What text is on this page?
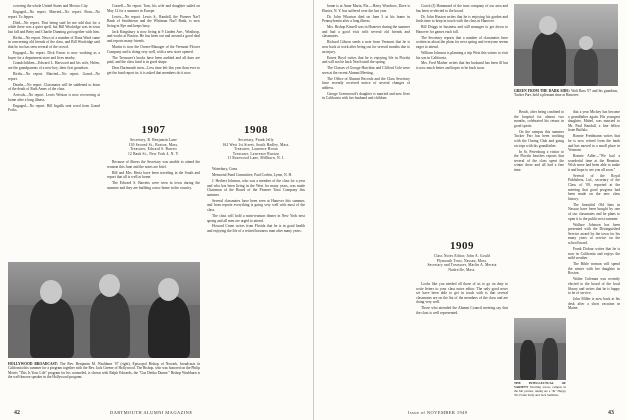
covering the whole United States and Mexico City.

Engaged—No report. Married—No report. Born—No report. To Jeppes.

Died—No report. That being said let me add that for a while there was a quiet spell, but Bill Woolridge was in town last fall and Betty and Charlie Dunning got together with him.

Births—No report. News of a number of Dana Ward came in concerning old friends of the class, and Bill Woolridge said that he too has seen several of the crowd.

Engaged—No report. Dick Farrar is now working as a buyer for a department store and lives nearby.

Grandchildren—Edward L. Harwood and his wife, Helen, are the grandparents of a new boy, their first grandson.

Births—No report. Married—No report. Grand—No report.

Deaths—No report. Classmates will be saddened to learn of the death of Ruth Ames of the class.

Arrivals—No report. Lewis Weston is now recovering at home after a long illness.

Engaged—No report. Bill Ingalls sent word from Grand Forks.

Cornell—No report. Tom, his wife and daughter sailed on May 12 for a summer in Europe.

Lewis—No report. Lewis S., Randall, the Pioneer Nar'l Bank of Smithtown and the Whitman Nar'l Bank, is now living in Rye and keeps busy.

Jack Kingsbury is now living at 9 Linden Ave., Winthrop, and works at Boston. He has been out and around a good deal and reports many friends.

Martin is now the Owner-Manager of the Vermont Flower Company and is doing very well, with a new store opened.

The Treasurer's books have been audited and all dues are paid, and the class fund is in good shape.

Dear Dartmouth men—Less time left this year than ever to get the fund report in; it is asked that members do it now.

1907
Secretary, R. Benjamin Lane
130 Second St., Boston, Mass.
Treasurer, Edward S. Barrett
12 Bank St., New York 4, N. Y.

Because of illness the Secretary was unable to attend the reunion this June and the notes are brief.

Bill and Mrs. Hertz have been traveling in the South and report that all is well at home.

The Edward S. Barretts were seen in town during the summer and they are building a new home in the country.

1908
Secretary, Frank Jelly
162 West 1st Street, South Hadley, Mass.
Treasurer, Laurence Horan
Treasurer, Lawrence Ruxton
11 Rosewood Lane, Millburn, N. J.

Waterbury, Conn.

Memorial Fund Committee, Paul Corbin, Lyme, N. H.

J. Herbert Johnson, who was a member of the class for a year and who has been living in the West for many years, was made Chairman of the Board of the Pioneer Trust Company this summer.

Several classmates have been seen at Hanover this summer, and from reports everything is going very well with most of the class.

The class will hold a mini-reunion dinner in New York next spring and all men are urged to attend.

Howard Crane writes from Florida that he is in good health and enjoying the life of a retired business man after many years.

HOLLYWOOD BROADCAST: The Rev. Benjamin M. Washburn '07 (right), Episcopal Bishop of Newark, broadcasts in California this summer for a program together with the Rev. Jack Greene of Hollywood. The Bishop, who was honored on the Philip Morris "This Is Your Life" program for his counseled, is shown with Ralph Edwards, the "Gas Detika Dunne." Bishop Washburn is the well-known speaker in the Hollywood program.
42	DARTMOUTH ALUMNI MAGAZINE

home is at Anne Maria, Fla.—Harry Woodrow, Dave is Elmira, N. Y. has suffered over the last year.

Dr. John Wharton died on June 5 at his home in Pennsylvania after a long illness.

Mrs. Bishop Kinsell was in Hanover during the summer and had a good visit with several old friends and classmates.

Richard Gibson sends a note from Vermont that he is now back at work after being out for several months due to an injury.

Ernest Boyd writes that he is enjoying life in Florida and will not be back North until the spring.

The Classes of George Hutchins and Clifford Cole were seen at the recent Alumni Meeting.

The Office of Alumni Records and the Class Secretary have recently received notice of several changes of address.

George Greenwood's daughter is married and now lives in California with her husband and children.

Coach (J) Hammond of the trust company of our area and has been re-elected to the board.

Dr. John Huston writes that he is enjoying his garden and finds time to keep in touch with the class in Hanover.

Bill Driggs in business and still manages to get down to Hanover for games each fall.

The Secretary reports that a number of classmates have written in about the plans for next spring and everyone seems eager to attend.

William Johnson is planning a trip West this winter to visit his son in California.

Mrs. Fred Mather writes that her husband has been ill but is now much better and hopes to be back soon.

1909
Class Notes Editor, John A. Gould
Plymouth Trust, Nassau, Mass.
Secretary and Treasurer, Marlin A. Mereia
Nashville, Mass.

Looks like you needed all those of us to go on duty to write letters to your class notes editor. The only good news we have been able to get in touch with is that several classmates are on the list of the members of the class and are doing very well.

Those who attended the Alumni Council meeting say that the class is well represented.

GREEN FROM THE DARK SIDE: Walt Bass '07 and his grandson, Tucker Parr, hold a pleasant time at Hanover.

Beach, after being confined to the hospital for almost two months, celebrated his return in good spirits.

On the campus this summer Tucker Parr has been working with the Outing Club and going on trips with his grandfather.

In St. Petersburg a visitor to the Florida beaches reports that several of the class spent the winter there and all had a fine time.

that a year Mickey has become a grandfather again. His youngest daughter, Mabel, was married to Mr. Paul Randall, a fine fellow from Buffalo.

Ronnie Freidmann writes that he is now retired from the bank and has moved to a small place in Vermont.

Ronnie Adler—"We had a wonderful time at the Reunion. Wish more had been able to make it and hope to see you all soon."

Several of the Royal Publishers, Ltd., secretary of the Class of '09, reported at the meeting that good progress had been made on the new class history.

The beautiful Old Inns in Nassau have been bought by one of our classmates and he plans to open it to the public next summer.

Wallace Johnson has been presented with the Distinguished Service award by the town for his many years of service on the school board.

Frank Dufour writes that he is now in California and enjoys the mild weather.

The Bible woman will spend the winter with her daughter in Boston.

Walter Coleman was recently elected to the board of the local library and writes that he is happy to be of service.

John Miller is now back at his desk after a short vacation in Maine.

THE INTELLECTUAL OF VARIETY Strolling across campus in the fall picture, taking are a "&" Happy '06, Frank Tully and Jack Stebbins.
Issue of NOVEMBER 1949	43
